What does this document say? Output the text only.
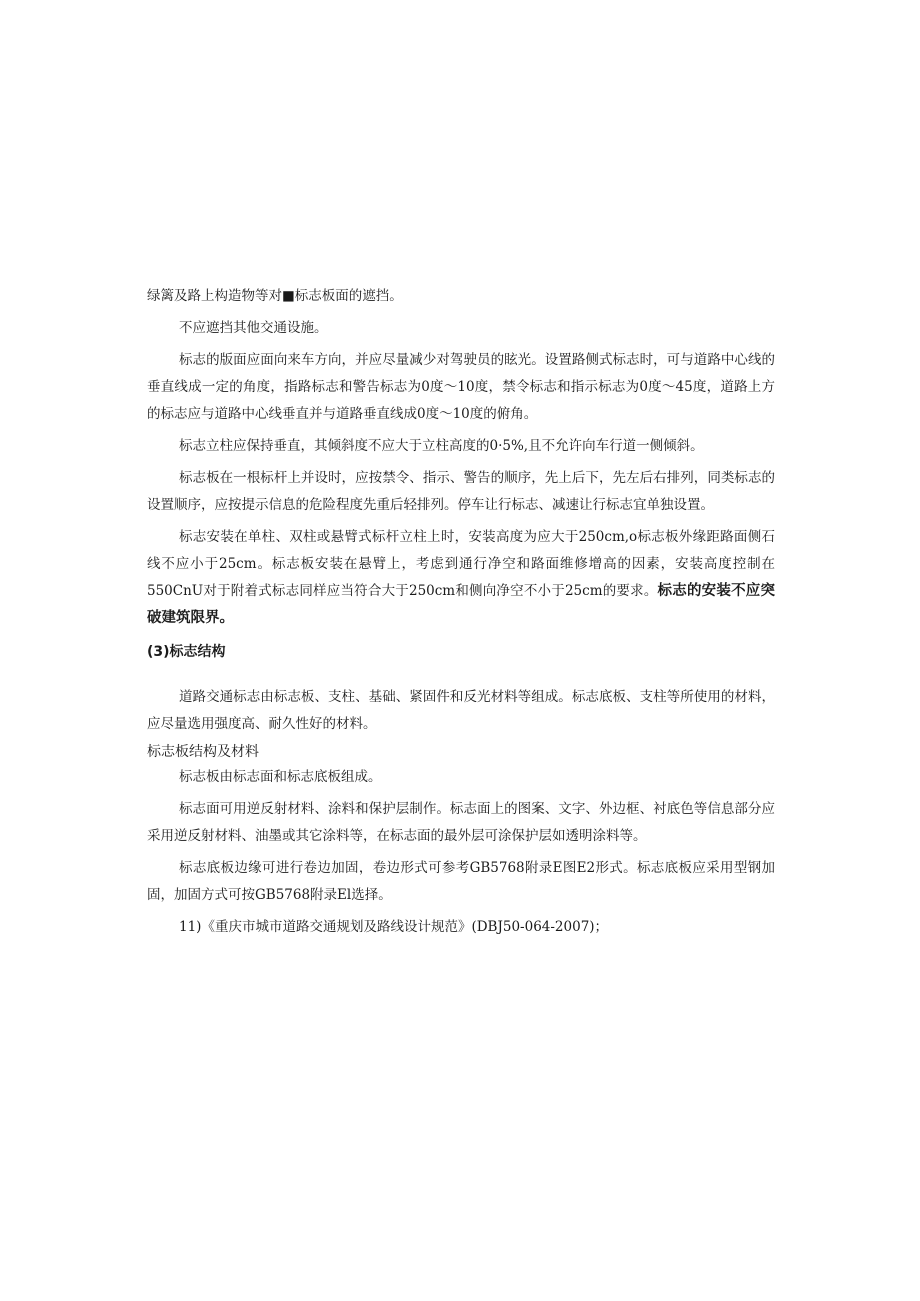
绿篱及路上构造物等对■标志板面的遮挡。

不应遮挡其他交通设施。

标志的版面应面向来车方向，并应尽量减少对驾驶员的眩光。设置路侧式标志时，可与道路中心线的垂直线成一定的角度，指路标志和警告标志为0度～10度，禁令标志和指示标志为0度～45度，道路上方的标志应与道路中心线垂直并与道路垂直线成0度～10度的俯角。

标志立柱应保持垂直，其倾斜度不应大于立柱高度的0·5%,且不允许向车行道一侧倾斜。

标志板在一根标杆上并设时，应按禁令、指示、警告的顺序，先上后下，先左后右排列，同类标志的设置顺序，应按提示信息的危险程度先重后轻排列。停车让行标志、减速让行标志宜单独设置。

标志安装在单柱、双柱或悬臂式标杆立柱上时，安装高度为应大于250cm,o标志板外缘距路面侧石线不应小于25cm。标志板安装在悬臂上，考虑到通行净空和路面维修增高的因素，安装高度控制在550CnU对于附着式标志同样应当符合大于250cm和侧向净空不小于25cm的要求。标志的安装不应突破建筑限界。

(3)标志结构

道路交通标志由标志板、支柱、基础、紧固件和反光材料等组成。标志底板、支柱等所使用的材料，应尽量选用强度高、耐久性好的材料。

标志板结构及材料

标志板由标志面和标志底板组成。

标志面可用逆反射材料、涂料和保护层制作。标志面上的图案、文字、外边框、衬底色等信息部分应采用逆反射材料、油墨或其它涂料等，在标志面的最外层可涂保护层如透明涂料等。

标志底板边缘可进行卷边加固，卷边形式可参考GB5768附录E图E2形式。标志底板应采用型钢加固，加固方式可按GB5768附录El选择。

11)《重庆市城市道路交通规划及路线设计规范》(DBJ50-064-2007)；
